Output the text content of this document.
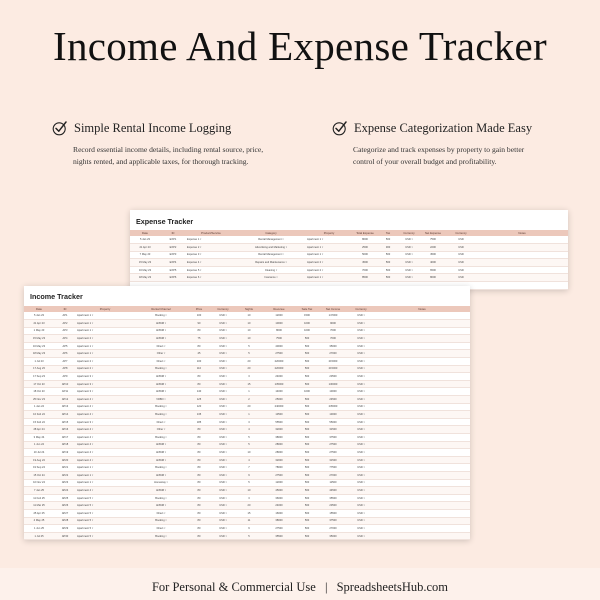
Income And Expense Tracker
Simple Rental Income Logging
Record essential income details, including rental source, price, nights rented, and applicable taxes, for thorough tracking.
Expense Categorization Made Easy
Categorize and track expenses by property to gain better control of your overall budget and profitability.
Expense Tracker
Date	ID	Product/Service	Category	Property	Total Expense	Tax	Currency	Net Expense	Currency	Notes
5 Jan 23	EXP1	Expense 1 ▾	Rental Management ▾	Apartment 1 ▾	8000	500	USD ▾	7500	USD	
21 Apr 23	EXP2	Expense 2 ▾	Advertising and Marketing ▾	Apartment 1 ▾	2500	300	USD ▾	2200	USD	
7 May 23	EXP3	Expense 3 ▾	Rental Management ▾	Apartment 1 ▾	5000	500	USD ▾	4500	USD	
15 May 23	EXP4	Expense 4 ▾	Repairs and Maintenance ▾	Apartment 2 ▾	4500	500	USD ▾	4000	USD	
16 May 23	EXP5	Expense 5 ▾	Cleaning ▾	Apartment 2 ▾	7000	500	USD ▾	6500	USD	
18 May 23	EXP6	Expense 6 ▾	Insurance ▾	Apartment 1 ▾	8500	500	USD ▾	8000	USD	

Income Tracker
Date	ID	Property	Rental Channel	Price	Currency	Nights	Revenue	Sale Tax	Net Income	Currency	Notes
5 Jan 23	AP1	Apartment 1 ▾	Booking ▾	100	USD ▾	10	12000	1500	147000	USD ▾	
21 Apr 23	AP2	Apartment 1 ▾	AirBnB ▾	90	USD ▾	10	10000	1000	9000	USD ▾	
1 May 23	AP3	Apartment 1 ▾	AirBnB ▾	80	USD ▾	10	8000	1000	7000	USD ▾	
15 May 23	AP4	Apartment 2 ▾	AirBnB ▾	75	USD ▾	10	7500	500	7000	USD ▾	
16 May 23	AP5	Apartment 1 ▾	Direct ▾	80	USD ▾	5	40000	500	35000	USD ▾	
18 May 23	AP6	Apartment 1 ▾	Other ▾	45	USD ▾	5	27500	500	27000	USD ▾	
1 Jul 23	AP7	Apartment 2 ▾	Direct ▾	100	USD ▾	20	220000	500	215000	USD ▾	
17 Aug 23	AP8	Apartment 2 ▾	Booking ▾	110	USD ▾	20	220000	500	215000	USD ▾	
17 Sep 23	AP9	Apartment 3 ▾	AirBnB ▾	80	USD ▾	3	24000	500	23500	USD ▾	
17 Oct 23	AP10	Apartment 3 ▾	AirBnB ▾	80	USD ▾	15	135000	500	130000	USD ▾	
18 Oct 23	AP11	Apartment 3 ▾	AirBnB ▾	140	USD ▾	1	14000	1000	13000	USD ▾	
25 Nov 23	AP12	Apartment 4 ▾	VRBO ▾	125	USD ▾	2	25000	500	24500	USD ▾	
1 Jan 24	AP13	Apartment 4 ▾	Booking ▾	120	USD ▾	20	240000	500	235000	USD ▾	
10 Feb 24	AP14	Apartment 4 ▾	Booking ▾	135	USD ▾	1	13500	500	13000	USD ▾	
15 Feb 24	AP15	Apartment 3 ▾	Direct ▾	185	USD ▾	3	55500	500	55000	USD ▾	
28 Apr 24	AP16	Apartment 4 ▾	Other ▾	80	USD ▾	4	32000	500	31500	USD ▾	
3 May 24	AP17	Apartment 4 ▾	Booking ▾	80	USD ▾	5	38000	500	37500	USD ▾	
1 Jun 24	AP18	Apartment 4 ▾	AirBnB ▾	80	USD ▾	5	28000	500	27500	USD ▾	
10 Jul 24	AP19	Apartment 4 ▾	AirBnB ▾	80	USD ▾	10	28000	500	27500	USD ▾	
19 Aug 24	AP20	Apartment 4 ▾	AirBnB ▾	80	USD ▾	4	32000	500	31500	USD ▾	
19 Sep 24	AP21	Apartment 1 ▾	Booking ▾	80	USD ▾	7	78000	500	77500	USD ▾	
15 Oct 24	AP22	Apartment 1 ▾	AirBnB ▾	80	USD ▾	9	27500	500	27000	USD ▾	
10 Nov 24	AP23	Apartment 1 ▾	Homestay ▾	80	USD ▾	5	12000	500	11500	USD ▾	
7 Jan 25	AP24	Apartment 4 ▾	AirBnB ▾	80	USD ▾	10	45000	500	44500	USD ▾	
11 Feb 25	AP25	Apartment 5 ▾	Booking ▾	80	USD ▾	3	36000	500	35500	USD ▾	
11 Mar 25	AP26	Apartment 5 ▾	AirBnB ▾	80	USD ▾	20	24000	500	23500	USD ▾	
25 Apr 25	AP27	Apartment 5 ▾	Direct ▾	80	USD ▾	15	16000	500	15500	USD ▾	
4 May 25	AP28	Apartment 5 ▾	Booking ▾	80	USD ▾	11	38000	500	37500	USD ▾	
1 Jun 25	AP29	Apartment 5 ▾	Direct ▾	80	USD ▾	9	27500	500	27000	USD ▾	
1 Jul 25	AP30	Apartment 5 ▾	Booking ▾	80	USD ▾	5	35500	500	35000	USD ▾	
For Personal & Commercial Use | SpreadsheetsHub.com
